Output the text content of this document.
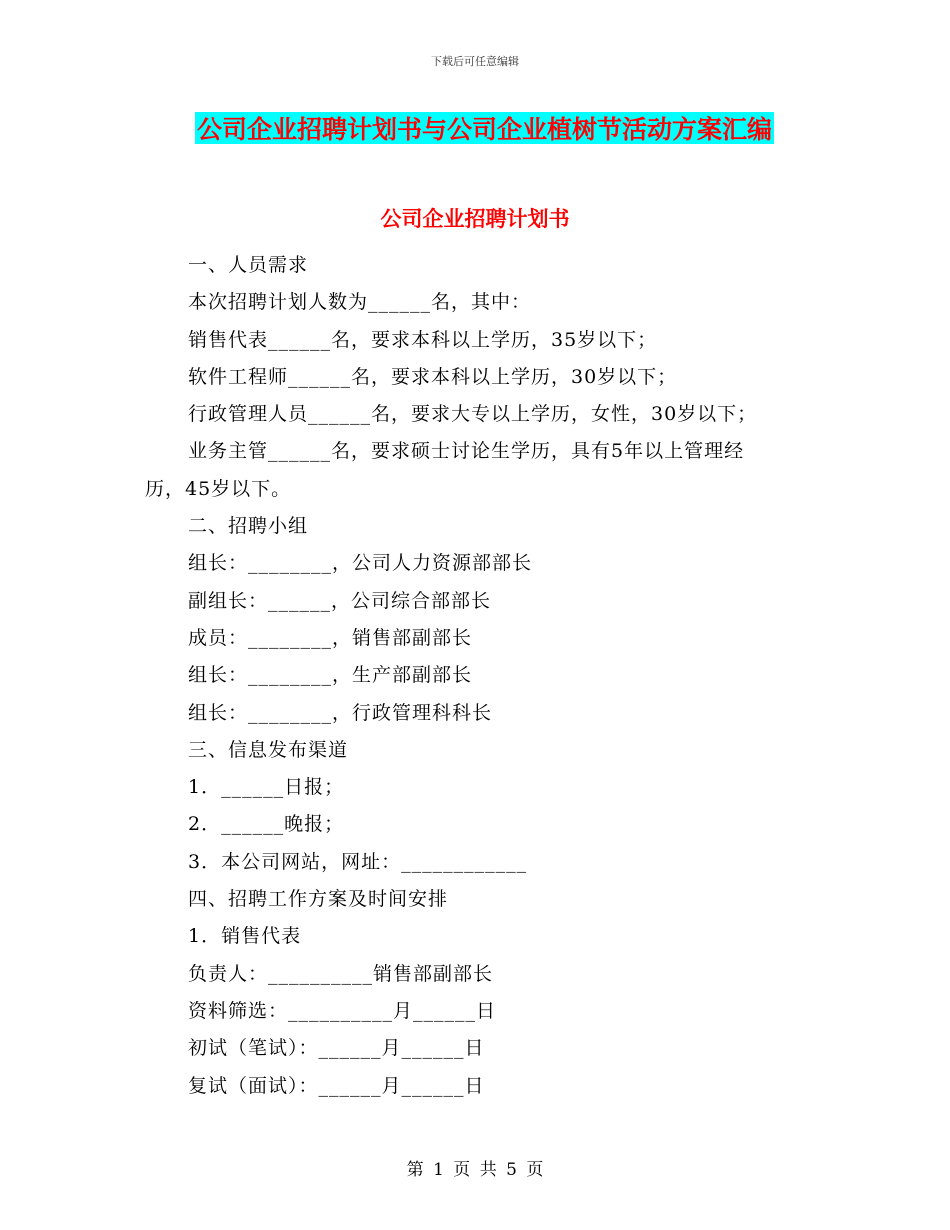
下载后可任意编辑
公司企业招聘计划书与公司企业植树节活动方案汇编
公司企业招聘计划书
一、人员需求
本次招聘计划人数为______名，其中：
销售代表______名，要求本科以上学历，35岁以下；
软件工程师______名，要求本科以上学历，30岁以下；
行政管理人员______名，要求大专以上学历，女性，30岁以下；
业务主管______名，要求硕士讨论生学历，具有5年以上管理经
历，45岁以下。
二、招聘小组
组长：________，公司人力资源部部长
副组长：______，公司综合部部长
成员：________，销售部副部长
组长：________，生产部副部长
组长：________，行政管理科科长
三、信息发布渠道
1．______日报；
2．______晚报；
3．本公司网站，网址：____________
四、招聘工作方案及时间安排
1．销售代表
负责人：__________销售部副部长
资料筛选：__________月______日
初试（笔试）：______月______日
复试（面试）：______月______日
第 1 页 共 5 页
